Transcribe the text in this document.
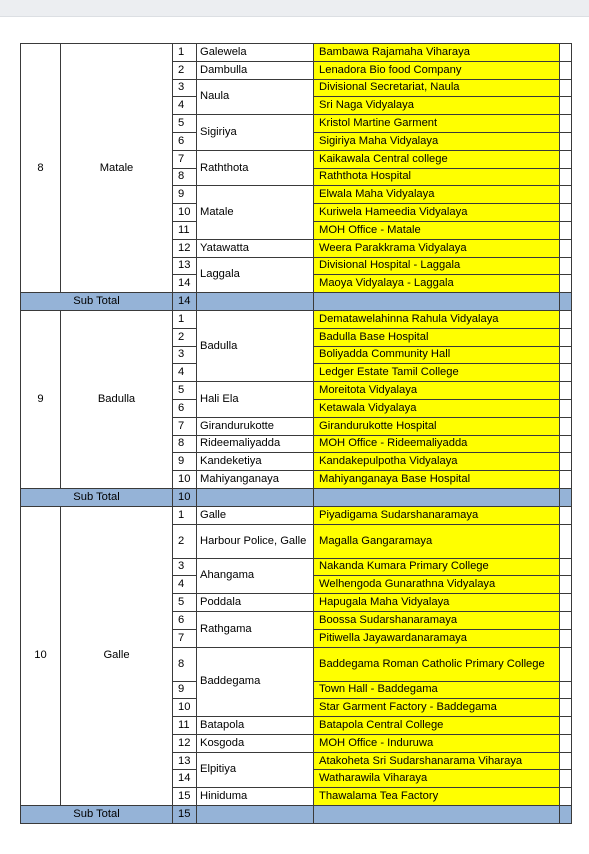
8	Matale	1	Galewela	Bambawa Rajamaha Viharaya	
		2	Dambulla	Lenadora Bio food Company	
		3	Naula	Divisional Secretariat, Naula	
		4		Sri Naga Vidyalaya	
		5	Sigiriya	Kristol Martine Garment	
		6		Sigiriya Maha Vidyalaya	
		7	Raththota	Kaikawala Central college	
		8		Raththota Hospital	
		9	Matale	Elwala Maha Vidyalaya	
		10		Kuriwela Hameedia Vidyalaya	
		11		MOH Office - Matale	
		12	Yatawatta	Weera Parakkrama Vidyalaya	
		13	Laggala	Divisional Hospital - Laggala	
		14		Maoya Vidyalaya - Laggala	
Sub Total		14			
9	Badulla	1	Badulla	Dematawelahinna Rahula Vidyalaya	
		2		Badulla Base Hospital	
		3		Boliyadda Community Hall	
		4		Ledger Estate Tamil College	
		5	Hali Ela	Moreitota Vidyalaya	
		6		Ketawala Vidyalaya	
		7	Girandurukotte	Girandurukotte Hospital	
		8	Rideemaliyadda	MOH Office - Rideemaliyadda	
		9	Kandeketiya	Kandakepulpotha Vidyalaya	
		10	Mahiyanganaya	Mahiyanganaya Base Hospital	
Sub Total		10			
10	Galle	1	Galle	Piyadigama Sudarshanaramaya	
		2	Harbour Police, Galle	Magalla Gangaramaya	
		3	Ahangama	Nakanda Kumara Primary College	
		4		Welhengoda Gunarathna Vidyalaya	
		5	Poddala	Hapugala Maha Vidyalaya	
		6	Rathgama	Boossa Sudarshanaramaya	
		7		Pitiwella Jayawardanaramaya	
		8	Baddegama	Baddegama Roman Catholic Primary College	
		9		Town Hall - Baddegama	
		10		Star Garment Factory - Baddegama	
		11	Batapola	Batapola Central College	
		12	Kosgoda	MOH Office - Induruwa	
		13	Elpitiya	Atakoheta Sri Sudarshanarama Viharaya	
		14		Watharawila Viharaya	
		15	Hiniduma	Thawalama Tea Factory	
Sub Total		15			
